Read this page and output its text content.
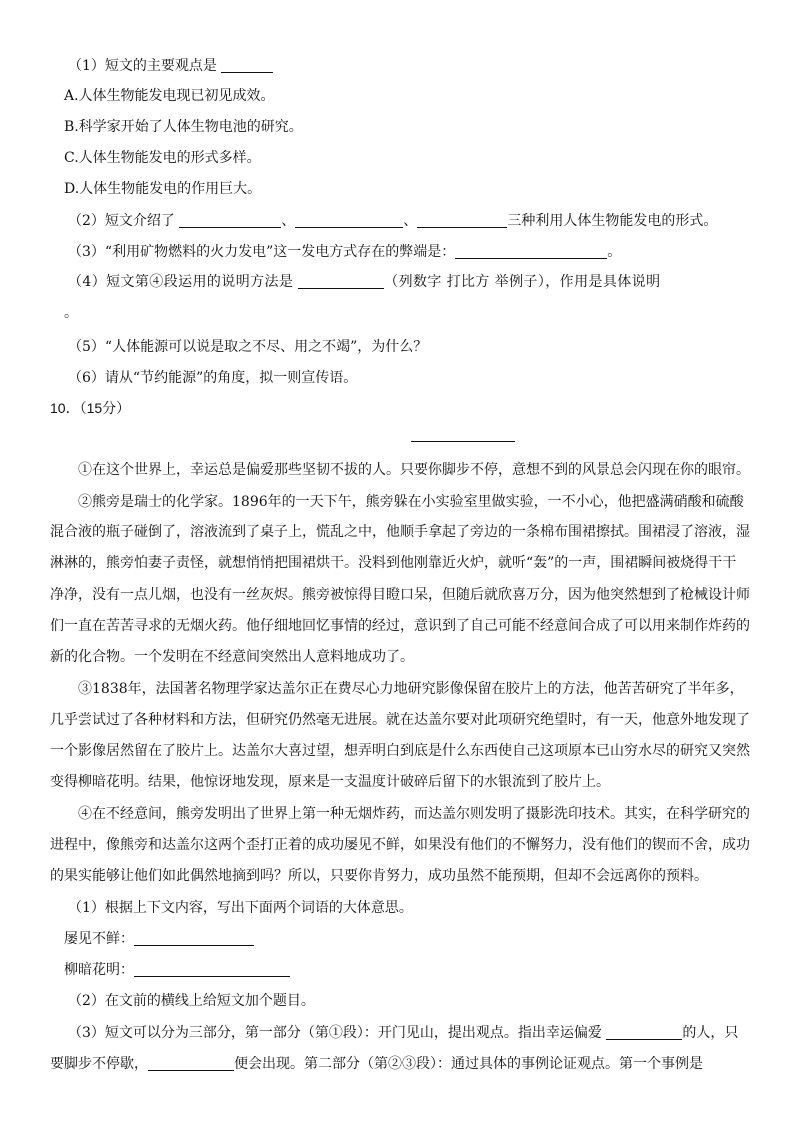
（1）短文的主要观点是
A.人体生物能发电现已初见成效。
B.科学家开始了人体生物电池的研究。
C.人体生物能发电的形式多样。
D.人体生物能发电的作用巨大。
（2）短文介绍了	、	、	三种利用人体生物能发电的形式。
（3）“利用矿物燃料的火力发电”这一发电方式存在的弊端是：	。
（4）短文第④段运用的说明方法是	（列数字 打比方 举例子），作用是具体说明
。
（5）“人体能源可以说是取之不尽、用之不竭”，为什么？
（6）请从“节约能源”的角度，拟一则宣传语。
10．（15分）
①在这个世界上，幸运总是偏爱那些坚韧不拔的人。只要你脚步不停，意想不到的风景总会闪现在你的眼帘。
②熊旁是瑞士的化学家。1896年的一天下午，熊旁躲在小实验室里做实验，一不小心，他把盛满硝酸和硫酸
混合液的瓶子碰倒了，溶液流到了桌子上，慌乱之中，他顺手拿起了旁边的一条棉布围裙擦拭。围裙浸了溶液，湿
淋淋的，熊旁怕妻子责怪，就想悄悄把围裙烘干。没料到他刚靠近火炉，就听“轰”的一声，围裙瞬间被烧得干干
净净，没有一点儿烟，也没有一丝灰烬。熊旁被惊得目瞪口呆，但随后就欣喜万分，因为他突然想到了枪械设计师
们一直在苦苦寻求的无烟火药。他仔细地回忆事情的经过，意识到了自己可能不经意间合成了可以用来制作炸药的
新的化合物。一个发明在不经意间突然出人意料地成功了。
③1838年，法国著名物理学家达盖尔正在费尽心力地研究影像保留在胶片上的方法，他苦苦研究了半年多，
几乎尝试过了各种材料和方法，但研究仍然毫无进展。就在达盖尔要对此项研究绝望时，有一天，他意外地发现了
一个影像居然留在了胶片上。达盖尔大喜过望，想弄明白到底是什么东西使自己这项原本已山穷水尽的研究又突然
变得柳暗花明。结果，他惊讶地发现，原来是一支温度计破碎后留下的水银流到了胶片上。
④在不经意间，熊旁发明出了世界上第一种无烟炸药，而达盖尔则发明了摄影洗印技术。其实，在科学研究的
进程中，像熊旁和达盖尔这两个歪打正着的成功屡见不鲜，如果没有他们的不懈努力，没有他们的锲而不舍，成功
的果实能够让他们如此偶然地摘到吗？所以，只要你肯努力，成功虽然不能预期，但却不会远离你的预料。
（1）根据上下文内容，写出下面两个词语的大体意思。
屡见不鲜：
柳暗花明：
（2）在文前的横线上给短文加个题目。
（3）短文可以分为三部分，第一部分（第①段）：开门见山，提出观点。指出幸运偏爱	的人，只
要脚步不停歇，	便会出现。第二部分（第②③段）：通过具体的事例论证观点。第一个事例是
